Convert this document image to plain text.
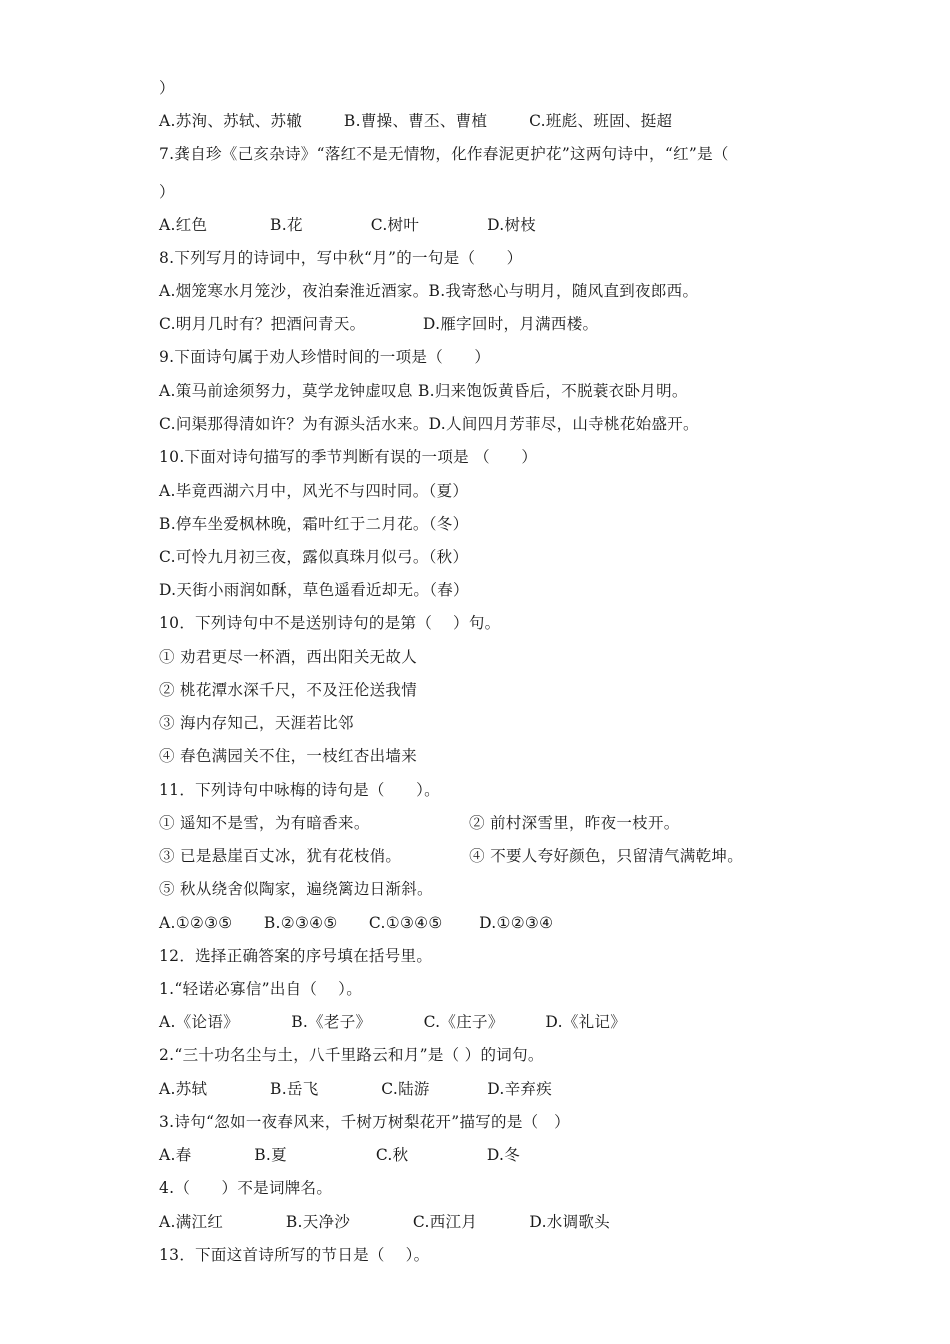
）
A.苏洵、苏轼、苏辙        B.曹操、曹丕、曹植        C.班彪、班固、挺超
7.龚自珍《己亥杂诗》“落红不是无情物，化作春泥更护花”这两句诗中，“红”是（
）
A.红色            B.花             C.树叶             D.树枝
8.下列写月的诗词中，写中秋“月”的一句是（      ）
A.烟笼寒水月笼沙，夜泊秦淮近酒家。B.我寄愁心与明月，随风直到夜郎西。
C.明月几时有？把酒问青天。           D.雁字回时，月满西楼。
9.下面诗句属于劝人珍惜时间的一项是（      ）
A.策马前途须努力，莫学龙钟虚叹息 B.归来饱饭黄昏后，不脱蓑衣卧月明。
C.问渠那得清如许？为有源头活水来。D.人间四月芳菲尽，山寺桃花始盛开。
10.下面对诗句描写的季节判断有误的一项是 （      ）
A.毕竟西湖六月中，风光不与四时同。（夏）
B.停车坐爱枫林晚，霜叶红于二月花。（冬）
C.可怜九月初三夜，露似真珠月似弓。（秋）
D.天街小雨润如酥，草色遥看近却无。（春）
10．下列诗句中不是送别诗句的是第（    ）句。
① 劝君更尽一杯酒，西出阳关无故人
② 桃花潭水深千尺，不及汪伦送我情
③ 海内存知己，天涯若比邻
④ 春色满园关不住，一枝红杏出墙来
11．下列诗句中咏梅的诗句是（      ）。
① 遥知不是雪，为有暗香来。                   ② 前村深雪里，昨夜一枝开。
③ 已是悬崖百丈冰，犹有花枝俏。             ④ 不要人夸好颜色，只留清气满乾坤。
⑤ 秋从绕舍似陶家，遍绕篱边日渐斜。
A.①②③⑤      B.②③④⑤      C.①③④⑤       D.①②③④
12．选择正确答案的序号填在括号里。
1.“轻诺必寡信”出自（    ）。
A.《论语》          B.《老子》          C.《庄子》        D.《礼记》
2.“三十功名尘与土，八千里路云和月”是（ ）的词句。
A.苏轼            B.岳飞            C.陆游           D.辛弃疾
3.诗句“忽如一夜春风来，千树万树梨花开”描写的是（   ）
A.春            B.夏                 C.秋               D.冬
4.（      ）不是词牌名。
A.满江红            B.天净沙            C.西江月          D.水调歌头
13．下面这首诗所写的节日是（    ）。
